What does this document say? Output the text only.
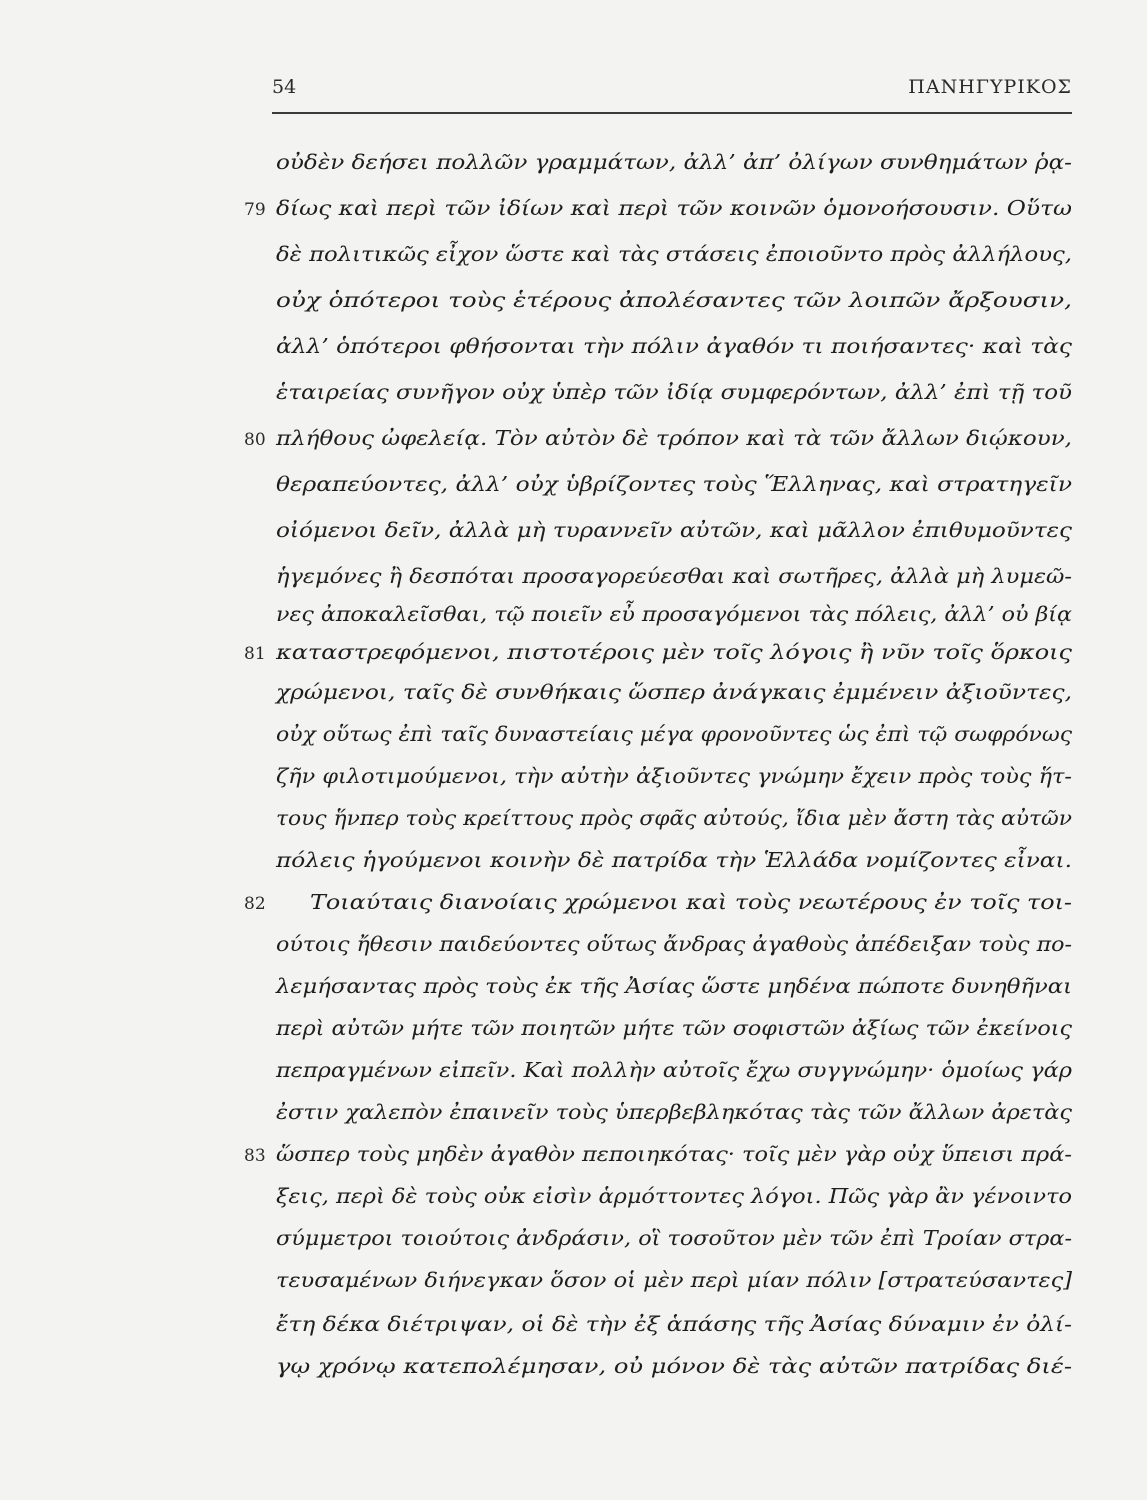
54	ΠΑΝΗΓΥΡΙΚΟΣ
οὐδὲν δεήσει πολλῶν γραμμάτων, ἀλλ’ ἀπ’ ὀλίγων συνθημάτων ῥᾳ-
δίως καὶ περὶ τῶν ἰδίων καὶ περὶ τῶν κοινῶν ὁμονοήσουσιν. Οὕτω
δὲ πολιτικῶς εἶχον ὥστε καὶ τὰς στάσεις ἐποιοῦντο πρὸς ἀλλήλους,
οὐχ ὁπότεροι τοὺς ἑτέρους ἀπολέσαντες τῶν λοιπῶν ἄρξουσιν,
ἀλλ’ ὁπότεροι φθήσονται τὴν πόλιν ἀγαθόν τι ποιήσαντες· καὶ τὰς
ἑταιρείας συνῆγον οὐχ ὑπὲρ τῶν ἰδίᾳ συμφερόντων, ἀλλ’ ἐπὶ τῇ τοῦ
πλήθους ὠφελείᾳ. Τὸν αὐτὸν δὲ τρόπον καὶ τὰ τῶν ἄλλων διῴκουν,
θεραπεύοντες, ἀλλ’ οὐχ ὑβρίζοντες τοὺς Ἕλληνας, καὶ στρατηγεῖν
οἰόμενοι δεῖν, ἀλλὰ μὴ τυραννεῖν αὐτῶν, καὶ μᾶλλον ἐπιθυμοῦντες
ἡγεμόνες ἢ δεσπόται προσαγορεύεσθαι καὶ σωτῆρες, ἀλλὰ μὴ λυμεῶ-
νες ἀποκαλεῖσθαι, τῷ ποιεῖν εὖ προσαγόμενοι τὰς πόλεις, ἀλλ’ οὐ βίᾳ
καταστρεφόμενοι, πιστοτέροις μὲν τοῖς λόγοις ἢ νῦν τοῖς ὅρκοις
χρώμενοι, ταῖς δὲ συνθήκαις ὥσπερ ἀνάγκαις ἐμμένειν ἀξιοῦντες,
οὐχ οὕτως ἐπὶ ταῖς δυναστείαις μέγα φρονοῦντες ὡς ἐπὶ τῷ σωφρόνως
ζῆν φιλοτιμούμενοι, τὴν αὐτὴν ἀξιοῦντες γνώμην ἔχειν πρὸς τοὺς ἥτ-
τους ἥνπερ τοὺς κρείττους πρὸς σφᾶς αὐτούς, ἴδια μὲν ἄστη τὰς αὐτῶν
πόλεις ἡγούμενοι κοινὴν δὲ πατρίδα τὴν Ἑλλάδα νομίζοντες εἶναι.
Τοιαύταις διανοίαις χρώμενοι καὶ τοὺς νεωτέρους ἐν τοῖς τοι-
ούτοις ἤθεσιν παιδεύοντες οὕτως ἄνδρας ἀγαθοὺς ἀπέδειξαν τοὺς πο-
λεμήσαντας πρὸς τοὺς ἐκ τῆς Ἀσίας ὥστε μηδένα πώποτε δυνηθῆναι
περὶ αὐτῶν μήτε τῶν ποιητῶν μήτε τῶν σοφιστῶν ἀξίως τῶν ἐκείνοις
πεπραγμένων εἰπεῖν. Καὶ πολλὴν αὐτοῖς ἔχω συγγνώμην· ὁμοίως γάρ
ἐστιν χαλεπὸν ἐπαινεῖν τοὺς ὑπερβεβληκότας τὰς τῶν ἄλλων ἀρετὰς
ὥσπερ τοὺς μηδὲν ἀγαθὸν πεποιηκότας· τοῖς μὲν γὰρ οὐχ ὕπεισι πρά-
ξεις, περὶ δὲ τοὺς οὐκ εἰσὶν ἁρμόττοντες λόγοι. Πῶς γὰρ ἂν γένοιντο
σύμμετροι τοιούτοις ἀνδράσιν, οἳ τοσοῦτον μὲν τῶν ἐπὶ Τροίαν στρα-
τευσαμένων διήνεγκαν ὅσον οἱ μὲν περὶ μίαν πόλιν [στρατεύσαντες]
ἔτη δέκα διέτριψαν, οἱ δὲ τὴν ἐξ ἁπάσης τῆς Ἀσίας δύναμιν ἐν ὀλί-
γῳ χρόνῳ κατεπολέμησαν, οὐ μόνον δὲ τὰς αὐτῶν πατρίδας διέ-
79
80
81
82
83
